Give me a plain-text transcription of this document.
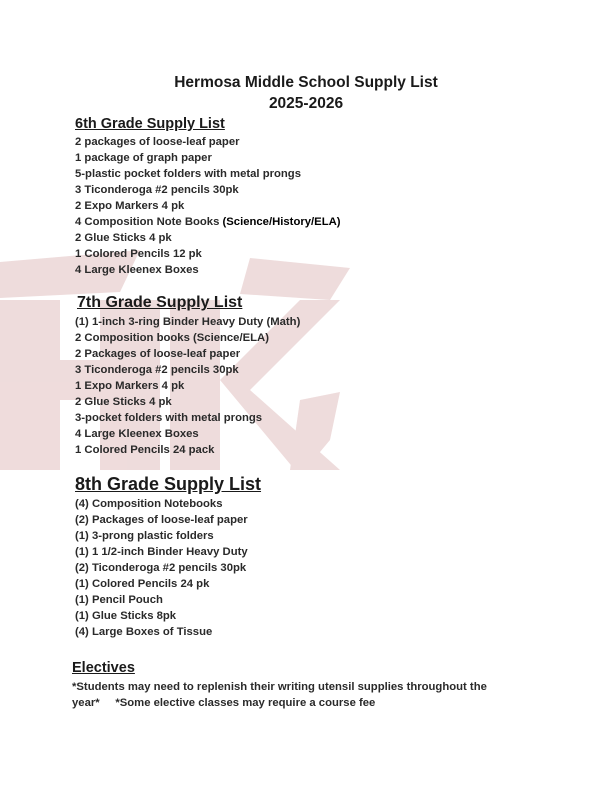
Hermosa Middle School Supply List
2025-2026
6th Grade Supply List
2 packages of loose-leaf paper
1 package of graph paper
5-plastic pocket folders with metal prongs
3 Ticonderoga #2 pencils 30pk
2 Expo Markers 4 pk
4 Composition Note Books (Science/History/ELA)
2 Glue Sticks 4 pk
1 Colored Pencils 12 pk
4 Large Kleenex Boxes
7th Grade Supply List
(1) 1-inch 3-ring Binder Heavy Duty (Math)
2 Composition books (Science/ELA)
2 Packages of loose-leaf paper
3 Ticonderoga #2 pencils 30pk
1 Expo Markers 4 pk
2 Glue Sticks 4 pk
3-pocket folders with metal prongs
4 Large Kleenex Boxes
1 Colored Pencils 24 pack
8th Grade Supply List
(4) Composition Notebooks
(2) Packages of loose-leaf paper
(1) 3-prong plastic folders
(1) 1 1/2-inch Binder Heavy Duty
(2) Ticonderoga #2 pencils 30pk
(1) Colored Pencils 24 pk
(1) Pencil Pouch
(1) Glue Sticks 8pk
(4) Large Boxes of Tissue
Electives
*Students may need to replenish their writing utensil supplies throughout the
year*     *Some elective classes may require a course fee
